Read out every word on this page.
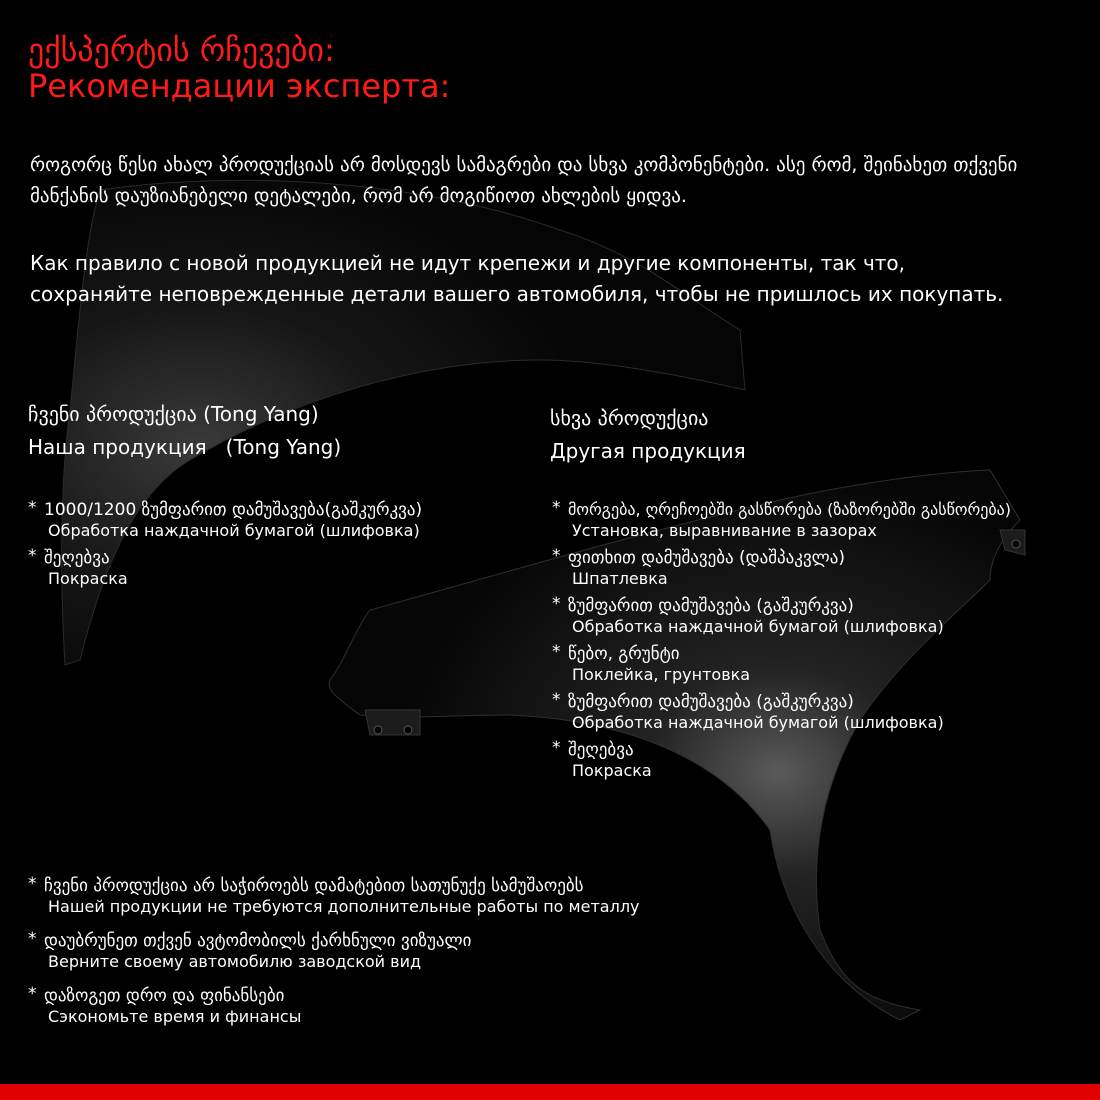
ექსპერტის რჩევები:
Рекомендации эксперта:

როგორც წესი ახალ პროდუქციას არ მოსდევს სამაგრები და სხვა კომპონენტები. ასე რომ, შეინახეთ თქვენი მანქანის დაუზიანებელი დეტალები, რომ არ მოგიწიოთ ახლების ყიდვა.

Как правило с новой продукцией не идут крепежи и другие компоненты, так что, сохраняйте неповрежденные детали вашего автомобиля, чтобы не пришлось их покупать.

ჩვენი პროდუქცია (Tong Yang)
Наша продукция   (Tong Yang)
სხვა პროდუქცია
Другая продукция
* 1000/1200 ზუმფარით დამუშავება(გაშკურკვა)
Обработка наждачной бумагой (шлифовка)
* შეღებვა
Покраска
* მორგება, ღრეჩოებში გასწორება (ზაზორებში გასწორება)
Установка, выравнивание в зазорах
* ფითხით დამუშავება (დაშპაკვლა)
Шпатлевка
* ზუმფარით დამუშავება (გაშკურკვა)
Обработка наждачной бумагой (шлифовка)
* წებო, გრუნტი
Поклейка, грунтовка
* ზუმფარით დამუშავება (გაშკურკვა)
Обработка наждачной бумагой (шлифовка)
* შეღებვა
Покраска
* ჩვენი პროდუქცია არ საჭიროებს დამატებით სათუნუქე სამუშაოებს
Нашей продукции не требуются дополнительные работы по металлу
* დაუბრუნეთ თქვენ ავტომობილს ქარხნული ვიზუალი
Верните своему автомобилю заводской вид
* დაზოგეთ დრო და ფინანსები
Сэкономьте время и финансы
